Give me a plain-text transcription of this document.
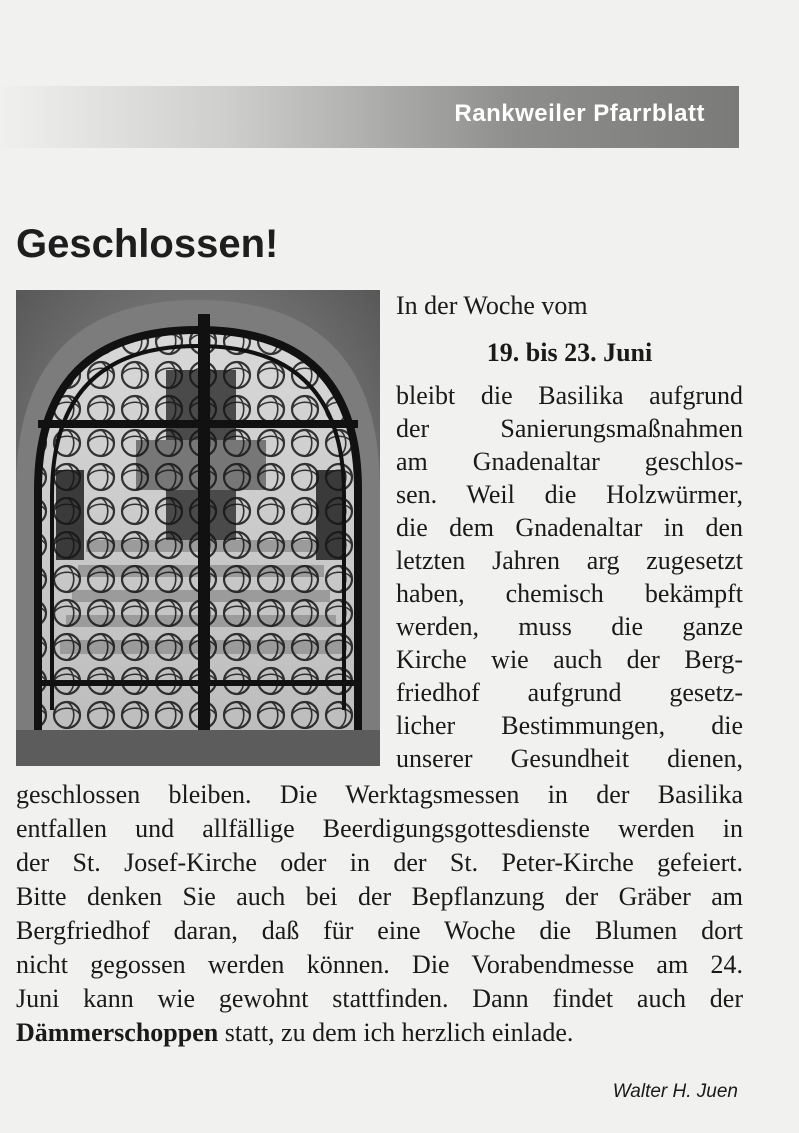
Rankweiler Pfarrblatt
Geschlossen!
In der Woche vom
19. bis 23. Juni
bleibt die Basilika aufgrund
der Sanierungsmaßnahmen
am Gnadenaltar geschlos-
sen. Weil die Holzwürmer,
die dem Gnadenaltar in den
letzten Jahren arg zugesetzt
haben, chemisch bekämpft
werden, muss die ganze
Kirche wie auch der Berg-
friedhof aufgrund gesetz-
licher Bestimmungen, die
unserer Gesundheit dienen,
geschlossen bleiben. Die Werktagsmessen in der Basilika
entfallen und allfällige Beerdigungsgottesdienste werden in
der St. Josef-Kirche oder in der St. Peter-Kirche gefeiert.
Bitte denken Sie auch bei der Bepflanzung der Gräber am
Bergfriedhof daran, daß für eine Woche die Blumen dort
nicht gegossen werden können. Die Vorabendmesse am 24.
Juni kann wie gewohnt stattfinden. Dann findet auch der
Dämmerschoppen statt, zu dem ich herzlich einlade.
Walter H. Juen
